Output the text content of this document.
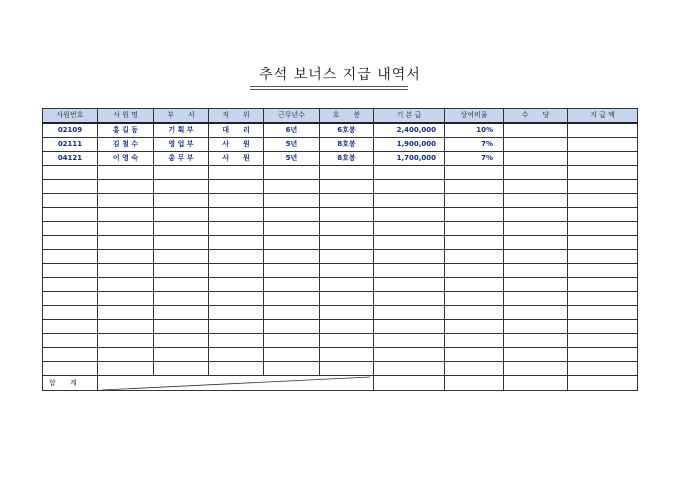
추석 보너스 지급 내역서
사원번호	사 원 명	부　　서	직　　위	근무년수	호　　봉	기 본 급	상여비율	수　　당	지 급 액
02109	홍 길 동	기 획 부	대　　리	6년	6호봉	2,400,000	10%		
02111	김 철 수	영 업 부	사　　원	5년	8호봉	1,900,000	7%		
04121	이 영 숙	총 무 부	사　　원	5년	8호봉	1,700,000	7%		

합　　계	
